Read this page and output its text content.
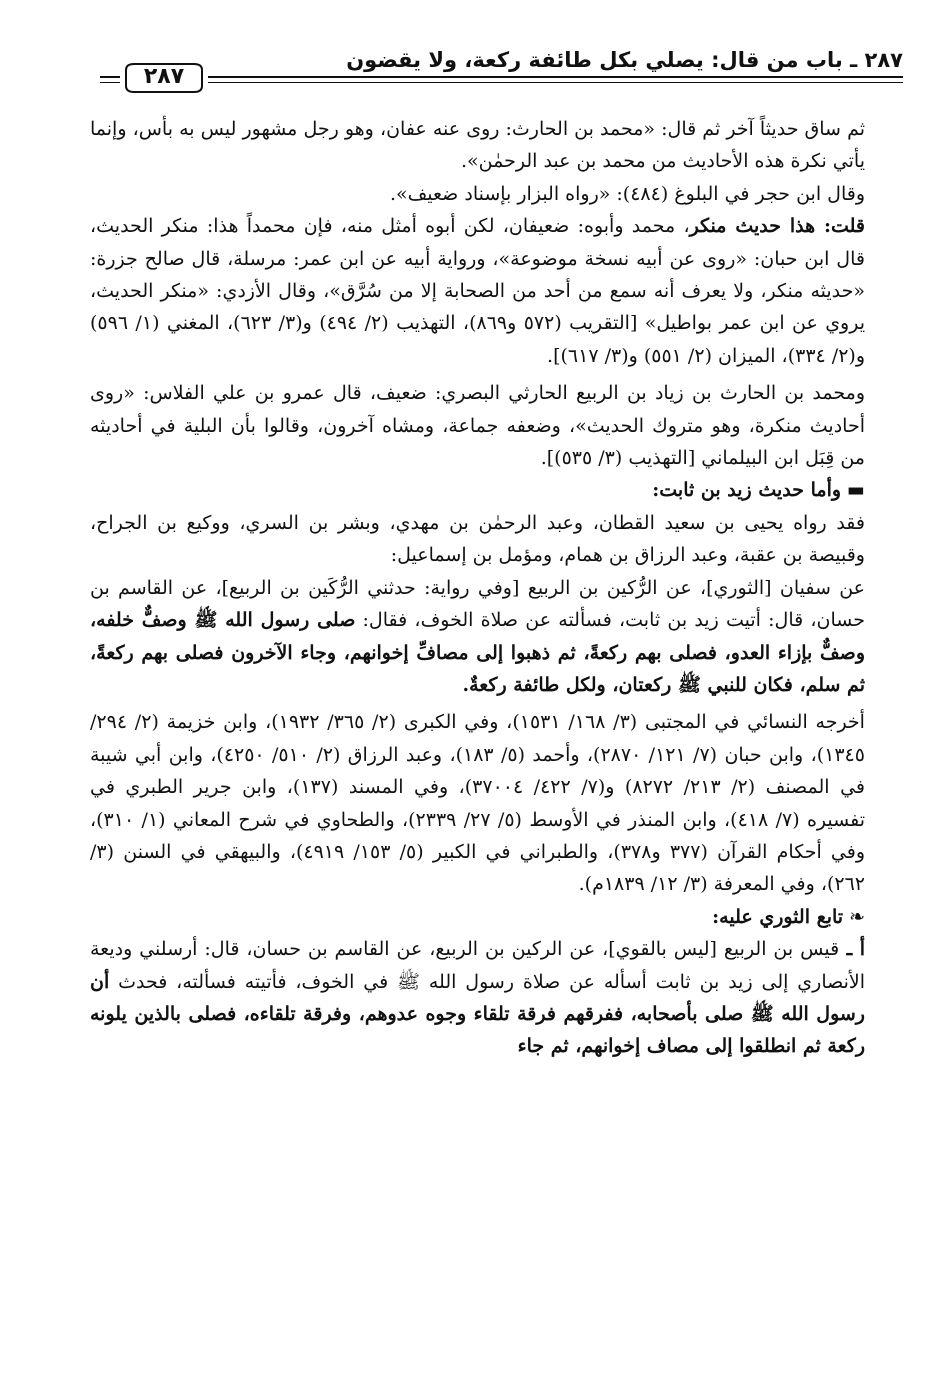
٢٨٧ ـ باب من قال: يصلي بكل طائفة ركعة، ولا يقضون
٢٨٧

ثم ساق حديثاً آخر ثم قال: «محمد بن الحارث: روى عنه عفان، وهو رجل مشهور ليس به بأس، وإنما يأتي نكرة هذه الأحاديث من محمد بن عبد الرحمٰن».

وقال ابن حجر في البلوغ (٤٨٤): «رواه البزار بإسناد ضعيف».

قلت: هذا حديث منكر، محمد وأبوه: ضعيفان، لكن أبوه أمثل منه، فإن محمداً هذا: منكر الحديث، قال ابن حبان: «روى عن أبيه نسخة موضوعة»، ورواية أبيه عن ابن عمر: مرسلة، قال صالح جزرة: «حديثه منكر، ولا يعرف أنه سمع من أحد من الصحابة إلا من سُرَّق»، وقال الأزدي: «منكر الحديث، يروي عن ابن عمر بواطيل» [التقريب (٥٧٢ و٨٦٩)، التهذيب (٢/ ٤٩٤) و(٣/ ٦٢٣)، المغني (١/ ٥٩٦) و(٢/ ٣٣٤)، الميزان (٢/ ٥٥١) و(٣/ ٦١٧)].

ومحمد بن الحارث بن زياد بن الربيع الحارثي البصري: ضعيف، قال عمرو بن علي الفلاس: «روى أحاديث منكرة، وهو متروك الحديث»، وضعفه جماعة، ومشاه آخرون، وقالوا بأن البلية في أحاديثه من قِبَل ابن البيلماني [التهذيب (٣/ ٥٣٥)].

▬وأما حديث زيد بن ثابت:

فقد رواه يحيى بن سعيد القطان، وعبد الرحمٰن بن مهدي، وبشر بن السري، ووكيع بن الجراح، وقبيصة بن عقبة، وعبد الرزاق بن همام، ومؤمل بن إسماعيل:

عن سفيان [الثوري]، عن الرُّكين بن الربيع [وفي رواية: حدثني الرُّكَين بن الربيع]، عن القاسم بن حسان، قال: أتيت زيد بن ثابت، فسألته عن صلاة الخوف، فقال: صلى رسول الله ﷺ وصفٌّ خلفه، وصفٌّ بإزاء العدو، فصلى بهم ركعةً، ثم ذهبوا إلى مصافِّ إخوانهم، وجاء الآخرون فصلى بهم ركعةً، ثم سلم، فكان للنبي ﷺ ركعتان، ولكل طائفة ركعةٌ.

أخرجه النسائي في المجتبى (٣/ ١٦٨/ ١٥٣١)، وفي الكبرى (٢/ ٣٦٥/ ١٩٣٢)، وابن خزيمة (٢/ ٢٩٤/ ١٣٤٥)، وابن حبان (٧/ ١٢١/ ٢٨٧٠)، وأحمد (٥/ ١٨٣)، وعبد الرزاق (٢/ ٥١٠/ ٤٢٥٠)، وابن أبي شيبة في المصنف (٢/ ٢١٣/ ٨٢٧٢) و(٧/ ٤٢٢/ ٣٧٠٠٤)، وفي المسند (١٣٧)، وابن جرير الطبري في تفسيره (٧/ ٤١٨)، وابن المنذر في الأوسط (٥/ ٢٧/ ٢٣٣٩)، والطحاوي في شرح المعاني (١/ ٣١٠)، وفي أحكام القرآن (٣٧٧ و٣٧٨)، والطبراني في الكبير (٥/ ١٥٣/ ٤٩١٩)، والبيهقي في السنن (٣/ ٢٦٢)، وفي المعرفة (٣/ ١٢/ ١٨٣٩م).

❧تابع الثوري عليه:

أ ـ قيس بن الربيع [ليس بالقوي]، عن الركين بن الربيع، عن القاسم بن حسان، قال: أرسلني وديعة الأنصاري إلى زيد بن ثابت أسأله عن صلاة رسول الله ﷺ في الخوف، فأتيته فسألته، فحدث أن رسول الله ﷺ صلى بأصحابه، ففرقهم فرقة تلقاء وجوه عدوهم، وفرقة تلقاءه، فصلى بالذين يلونه ركعة ثم انطلقوا إلى مصاف إخوانهم، ثم جاء
